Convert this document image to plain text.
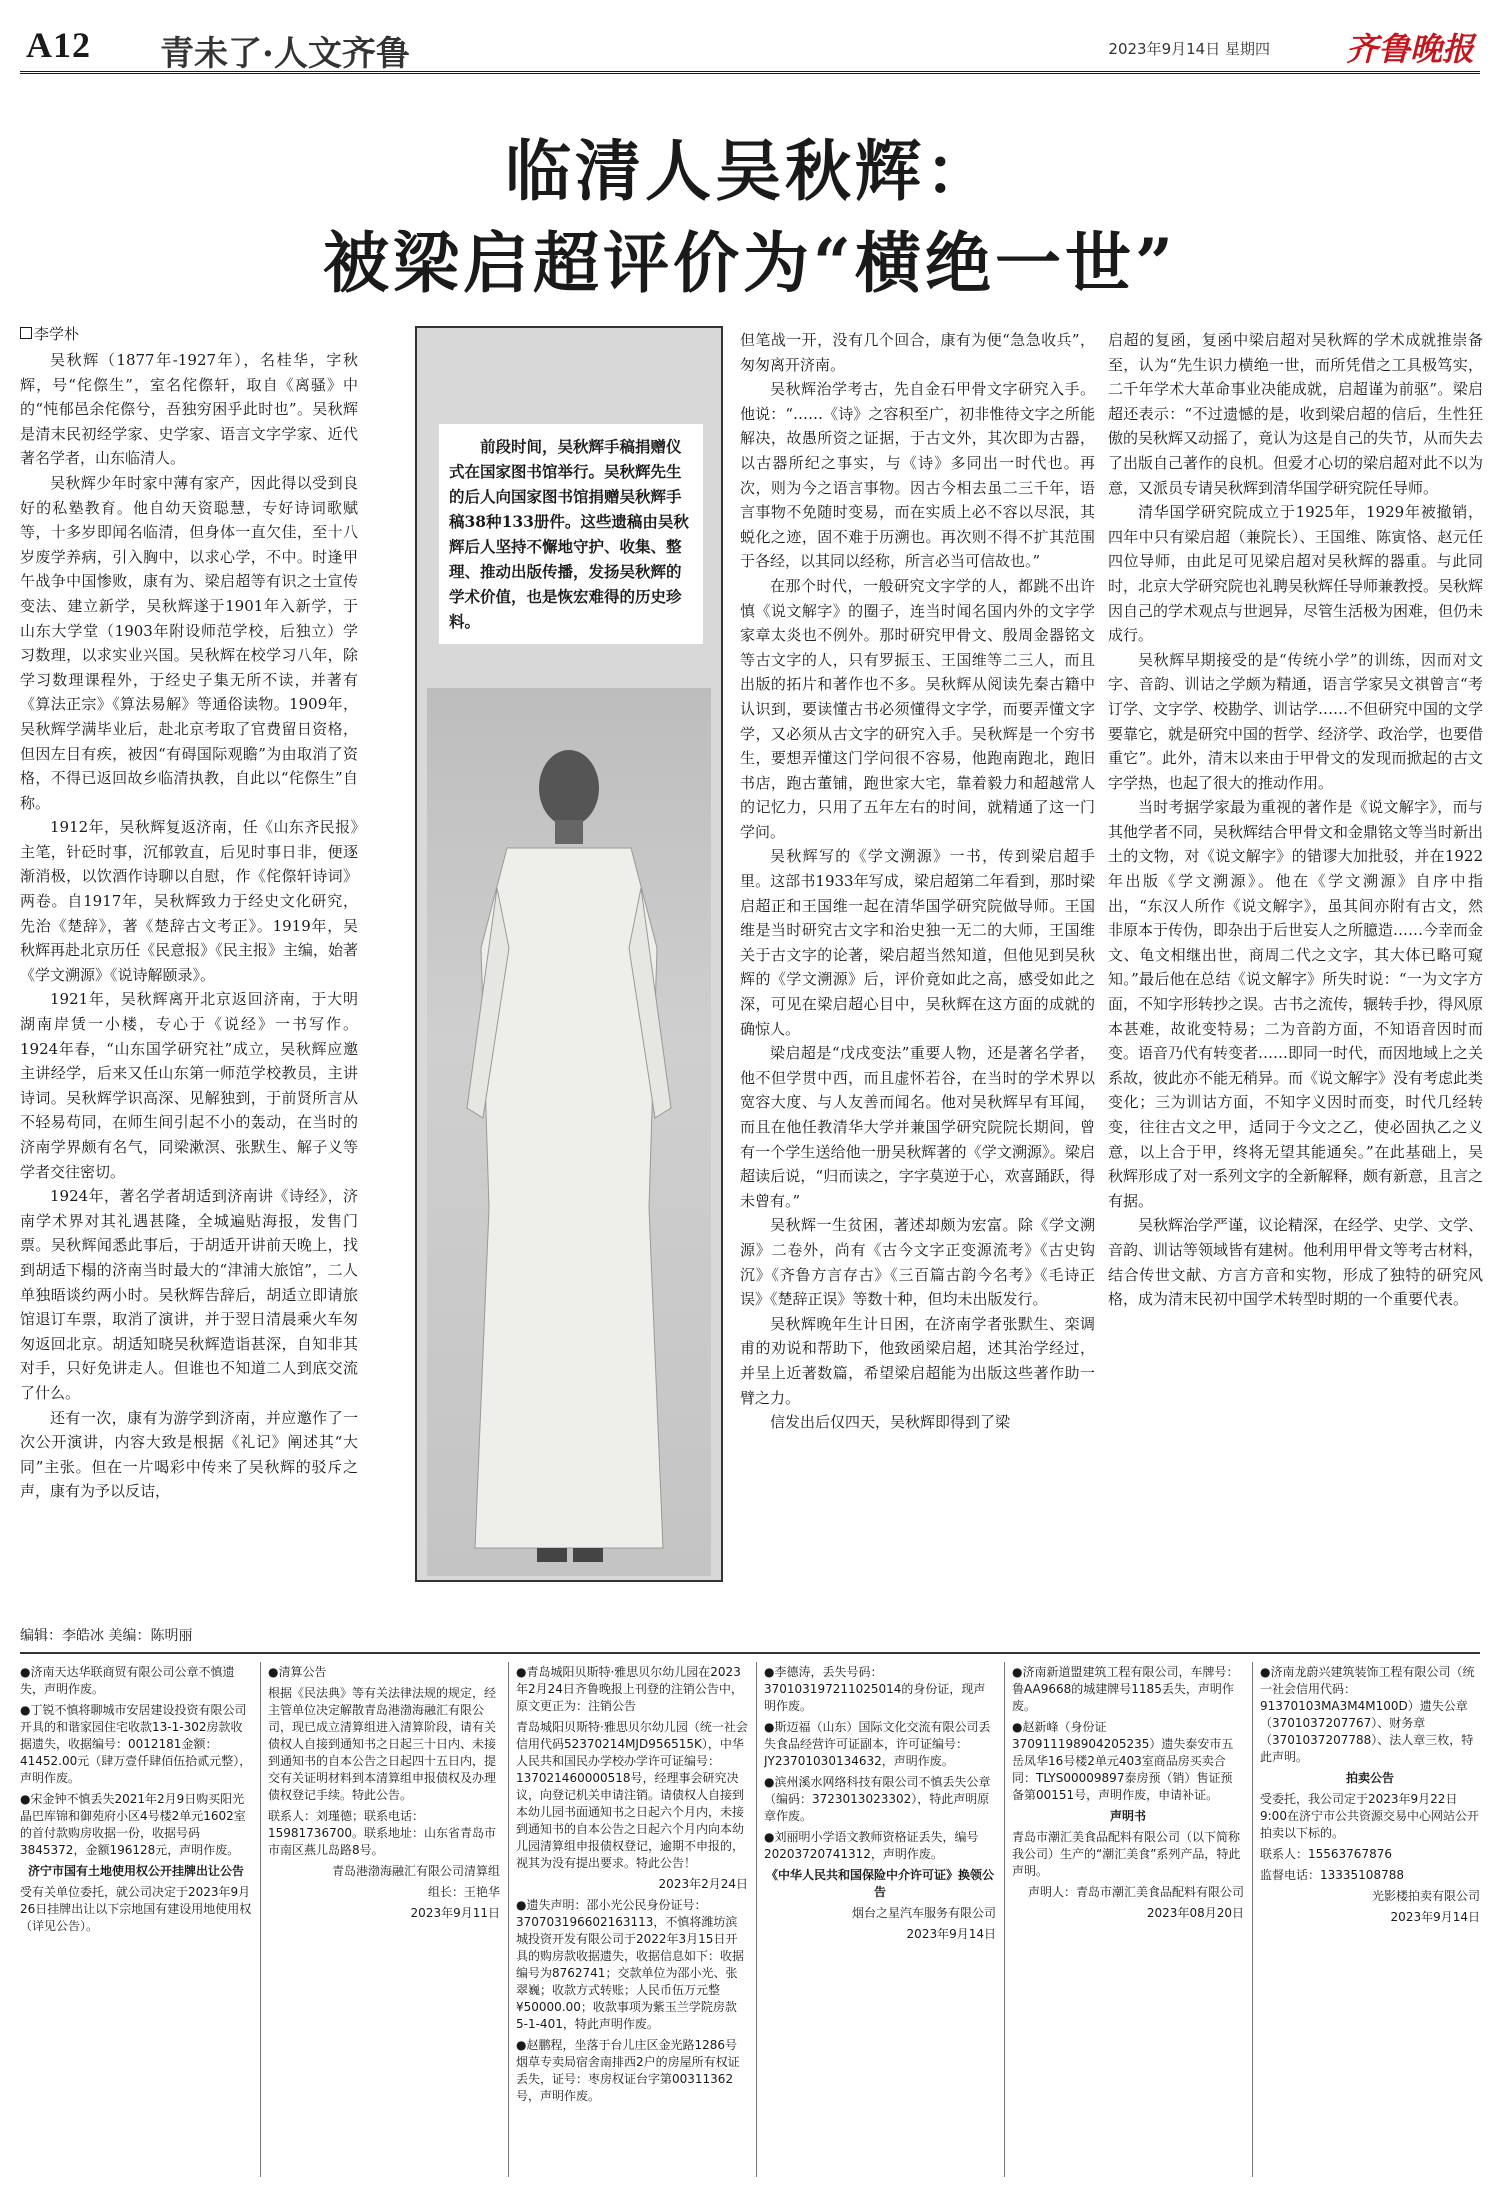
A12 青未了·人文齐鲁	2023年9月14日 星期四 齐鲁晚报
临清人吴秋辉：
被梁启超评价为“横绝一世”
李学朴

吴秋辉（1877年-1927年），名桂华，字秋辉，号“侘傺生”，室名侘傺轩，取自《离骚》中的“忳郁邑余侘傺兮，吾独穷困乎此时也”。吴秋辉是清末民初经学家、史学家、语言文字学家、近代著名学者，山东临清人。

吴秋辉少年时家中薄有家产，因此得以受到良好的私塾教育。他自幼天资聪慧，专好诗词歌赋等，十多岁即闻名临清，但身体一直欠佳，至十八岁废学养病，引入胸中，以求心学，不中。时逢甲午战争中国惨败，康有为、梁启超等有识之士宣传变法、建立新学，吴秋辉遂于1901年入新学，于山东大学堂（1903年附设师范学校，后独立）学习数理，以求实业兴国。吴秋辉在校学习八年，除学习数理课程外，于经史子集无所不读，并著有《算法正宗》《算法易解》等通俗读物。1909年，吴秋辉学满毕业后，赴北京考取了官费留日资格，但因左目有疾，被因“有碍国际观瞻”为由取消了资格，不得已返回故乡临清执教，自此以“侘傺生”自称。

1912年，吴秋辉复返济南，任《山东齐民报》主笔，针砭时事，沉郁敦直，后见时事日非，便逐渐消极，以饮酒作诗聊以自慰，作《侘傺轩诗词》两卷。自1917年，吴秋辉致力于经史文化研究，先治《楚辞》，著《楚辞古文考正》。1919年，吴秋辉再赴北京历任《民意报》《民主报》主编，始著《学文溯源》《说诗解颐录》。

1921年，吴秋辉离开北京返回济南，于大明湖南岸赁一小楼，专心于《说经》一书写作。1924年春，“山东国学研究社”成立，吴秋辉应邀主讲经学，后来又任山东第一师范学校教员，主讲诗词。吴秋辉学识高深、见解独到，于前贤所言从不轻易苟同，在师生间引起不小的轰动，在当时的济南学界颇有名气，同梁漱溟、张默生、解子义等学者交往密切。

1924年，著名学者胡适到济南讲《诗经》，济南学术界对其礼遇甚隆，全城遍贴海报，发售门票。吴秋辉闻悉此事后，于胡适开讲前天晚上，找到胡适下榻的济南当时最大的“津浦大旅馆”，二人单独晤谈约两小时。吴秋辉告辞后，胡适立即请旅馆退订车票，取消了演讲，并于翌日清晨乘火车匆匆返回北京。胡适知晓吴秋辉造诣甚深，自知非其对手，只好免讲走人。但谁也不知道二人到底交流了什么。

还有一次，康有为游学到济南，并应邀作了一次公开演讲，内容大致是根据《礼记》阐述其“大同”主张。但在一片喝彩中传来了吴秋辉的驳斥之声，康有为予以反诘，

前段时间，吴秋辉手稿捐赠仪式在国家图书馆举行。吴秋辉先生的后人向国家图书馆捐赠吴秋辉手稿38种133册件。这些遗稿由吴秋辉后人坚持不懈地守护、收集、整理、推动出版传播，发扬吴秋辉的学术价值，也是恢宏难得的历史珍料。

但笔战一开，没有几个回合，康有为便“急急收兵”，匆匆离开济南。

吴秋辉治学考古，先自金石甲骨文字研究入手。他说：“……《诗》之容积至广，初非惟待文字之所能解决，故愚所资之证据，于古文外，其次即为古器，以古器所纪之事实，与《诗》多同出一时代也。再次，则为今之语言事物。因古今相去虽二三千年，语言事物不免随时变易，而在实质上必不容以尽泯，其蜕化之迹，固不难于历溯也。再次则不得不扩其范围于各经，以其同以经称，所言必当可信故也。”

在那个时代，一般研究文字学的人，都跳不出许慎《说文解字》的圈子，连当时闻名国内外的文字学家章太炎也不例外。那时研究甲骨文、殷周金器铭文等古文字的人，只有罗振玉、王国维等二三人，而且出版的拓片和著作也不多。吴秋辉从阅读先秦古籍中认识到，要读懂古书必须懂得文字学，而要弄懂文字学，又必须从古文字的研究入手。吴秋辉是一个穷书生，要想弄懂这门学问很不容易，他跑南跑北，跑旧书店，跑古董铺，跑世家大宅，靠着毅力和超越常人的记忆力，只用了五年左右的时间，就精通了这一门学问。

吴秋辉写的《学文溯源》一书，传到梁启超手里。这部书1933年写成，梁启超第二年看到，那时梁启超正和王国维一起在清华国学研究院做导师。王国维是当时研究古文字和治史独一无二的大师，王国维关于古文字的论著，梁启超当然知道，但他见到吴秋辉的《学文溯源》后，评价竟如此之高，感受如此之深，可见在梁启超心目中，吴秋辉在这方面的成就的确惊人。

梁启超是“戊戌变法”重要人物，还是著名学者，他不但学贯中西，而且虚怀若谷，在当时的学术界以宽容大度、与人友善而闻名。他对吴秋辉早有耳闻，而且在他任教清华大学并兼国学研究院院长期间，曾有一个学生送给他一册吴秋辉著的《学文溯源》。梁启超读后说，“归而读之，字字莫逆于心，欢喜踊跃，得未曾有。”

吴秋辉一生贫困，著述却颇为宏富。除《学文溯源》二卷外，尚有《古今文字正变源流考》《古史钩沉》《齐鲁方言存古》《三百篇古韵今名考》《毛诗正误》《楚辞正误》等数十种，但均未出版发行。

吴秋辉晚年生计日困，在济南学者张默生、栾调甫的劝说和帮助下，他致函梁启超，述其治学经过，并呈上近著数篇，希望梁启超能为出版这些著作助一臂之力。

信发出后仅四天，吴秋辉即得到了梁

启超的复函，复函中梁启超对吴秋辉的学术成就推崇备至，认为“先生识力横绝一世，而所凭借之工具极笃实，二千年学术大革命事业决能成就，启超谨为前驱”。梁启超还表示：“不过遗憾的是，收到梁启超的信后，生性狂傲的吴秋辉又动摇了，竟认为这是自己的失节，从而失去了出版自己著作的良机。但爱才心切的梁启超对此不以为意，又派员专请吴秋辉到清华国学研究院任导师。

清华国学研究院成立于1925年，1929年被撤销，四年中只有梁启超（兼院长）、王国维、陈寅恪、赵元任四位导师，由此足可见梁启超对吴秋辉的器重。与此同时，北京大学研究院也礼聘吴秋辉任导师兼教授。吴秋辉因自己的学术观点与世迥异，尽管生活极为困难，但仍未成行。

吴秋辉早期接受的是“传统小学”的训练，因而对文字、音韵、训诂之学颇为精通，语言学家吴文祺曾言“考订学、文字学、校勘学、训诂学……不但研究中国的文学要靠它，就是研究中国的哲学、经济学、政治学，也要借重它”。此外，清末以来由于甲骨文的发现而掀起的古文字学热，也起了很大的推动作用。

当时考据学家最为重视的著作是《说文解字》，而与其他学者不同，吴秋辉结合甲骨文和金鼎铭文等当时新出土的文物，对《说文解字》的错谬大加批驳，并在1922年出版《学文溯源》。他在《学文溯源》自序中指出，“东汉人所作《说文解字》，虽其间亦附有古文，然非原本于传伪，即杂出于后世妄人之所臆造……今幸而金文、龟文相继出世，商周二代之文字，其大体已略可窥知。”最后他在总结《说文解字》所失时说：“一为文字方面，不知字形转抄之误。古书之流传，辗转手抄，得风原本甚难，故讹变特易；二为音韵方面，不知语音因时而变。语音乃代有转变者……即同一时代，而因地域上之关系故，彼此亦不能无稍异。而《说文解字》没有考虑此类变化；三为训诂方面，不知字义因时而变，时代几经转变，往往古文之甲，适同于今文之乙，使必固执乙之义意，以上合于甲，终将无望其能通矣。”在此基础上，吴秋辉形成了对一系列文字的全新解释，颇有新意，且言之有据。

吴秋辉治学严谨，议论精深，在经学、史学、文学、音韵、训诂等领域皆有建树。他利用甲骨文等考古材料，结合传世文献、方言方音和实物，形成了独特的研究风格，成为清末民初中国学术转型时期的一个重要代表。

编辑：李皓冰 美编：陈明丽

●济南天达华联商贸有限公司公章不慎遗失，声明作废。

●丁锐不慎将聊城市安居建设投资有限公司开具的和谐家园住宅收款13-1-302房款收据遗失，收据编号：0012181金额：41452.00元（肆万壹仟肆佰伍拾贰元整），声明作废。

●宋金钟不慎丢失2021年2月9日购买阳光晶巴库锦和御苑府小区4号楼2单元1602室的首付款购房收据一份，收据号码3845372，金额196128元，声明作废。

济宁市国有土地使用权公开挂牌出让公告

受有关单位委托，就公司决定于2023年9月26日挂牌出让以下宗地国有建设用地使用权（详见公告）。

●清算公告

根据《民法典》等有关法律法规的规定，经主管单位决定解散青岛港渤海融汇有限公司，现已成立清算组进入清算阶段，请有关债权人自接到通知书之日起三十日内、未接到通知书的自本公告之日起四十五日内，提交有关证明材料到本清算组申报债权及办理债权登记手续。特此公告。

联系人：刘瑾德；联系电话：15981736700。联系地址：山东省青岛市市南区燕儿岛路8号。

青岛港渤海融汇有限公司清算组

组长：王艳华

2023年9月11日

●青岛城阳贝斯特·雅思贝尔幼儿园在2023年2月24日齐鲁晚报上刊登的注销公告中，原文更正为：注销公告

青岛城阳贝斯特·雅思贝尔幼儿园（统一社会信用代码52370214MJD956515K），中华人民共和国民办学校办学许可证编号：137021460000518号，经理事会研究决议，向登记机关申请注销。请债权人自接到本幼儿园书面通知书之日起六个月内，未接到通知书的自本公告之日起六个月内向本幼儿园清算组申报债权登记，逾期不申报的，视其为没有提出要求。特此公告！

2023年2月24日

●遗失声明：邵小光公民身份证号：370703196602163113，不慎将潍坊滨城投资开发有限公司于2022年3月15日开具的购房款收据遗失，收据信息如下：收据编号为8762741；交款单位为邵小光、张翠巍；收款方式转账；人民币伍万元整¥50000.00；收款事项为紫玉兰学院房款5-1-401，特此声明作废。

●赵鹏程，坐落于台儿庄区金光路1286号烟草专卖局宿舍南排西2户的房屋所有权证丢失，证号：枣房权证台字第00311362号，声明作废。

●李德涛，丢失号码：370103197211025014的身份证，现声明作废。

●斯迈福（山东）国际文化交流有限公司丢失食品经营许可证副本，许可证编号：JY23701030134632，声明作废。

●滨州溪水网络科技有限公司不慎丢失公章（编码：3723013023302），特此声明原章作废。

●刘丽明小学语文教师资格证丢失，编号20203720741312，声明作废。

《中华人民共和国保险中介许可证》换领公告

烟台之星汽车服务有限公司

2023年9月14日

●济南新道盟建筑工程有限公司，车牌号：鲁AA9668的城建牌号1185丢失，声明作废。

●赵新峰（身份证370911198904205235）遗失泰安市五岳凤华16号楼2单元403室商品房买卖合同：TLYS00009897泰房预（销）售证预备第00151号，声明作废，申请补证。

声明书

青岛市潮汇美食品配料有限公司（以下简称我公司）生产的“潮汇美食”系列产品，特此声明。

声明人：青岛市潮汇美食品配料有限公司

2023年08月20日

●济南龙蔚兴建筑装饰工程有限公司（统一社会信用代码：91370103MA3M4M100D）遗失公章（3701037207767）、财务章（3701037207788）、法人章三枚，特此声明。

拍卖公告

受委托，我公司定于2023年9月22日9:00在济宁市公共资源交易中心网站公开拍卖以下标的。

联系人：15563767876

监督电话：13335108788

光影楼拍卖有限公司

2023年9月14日
